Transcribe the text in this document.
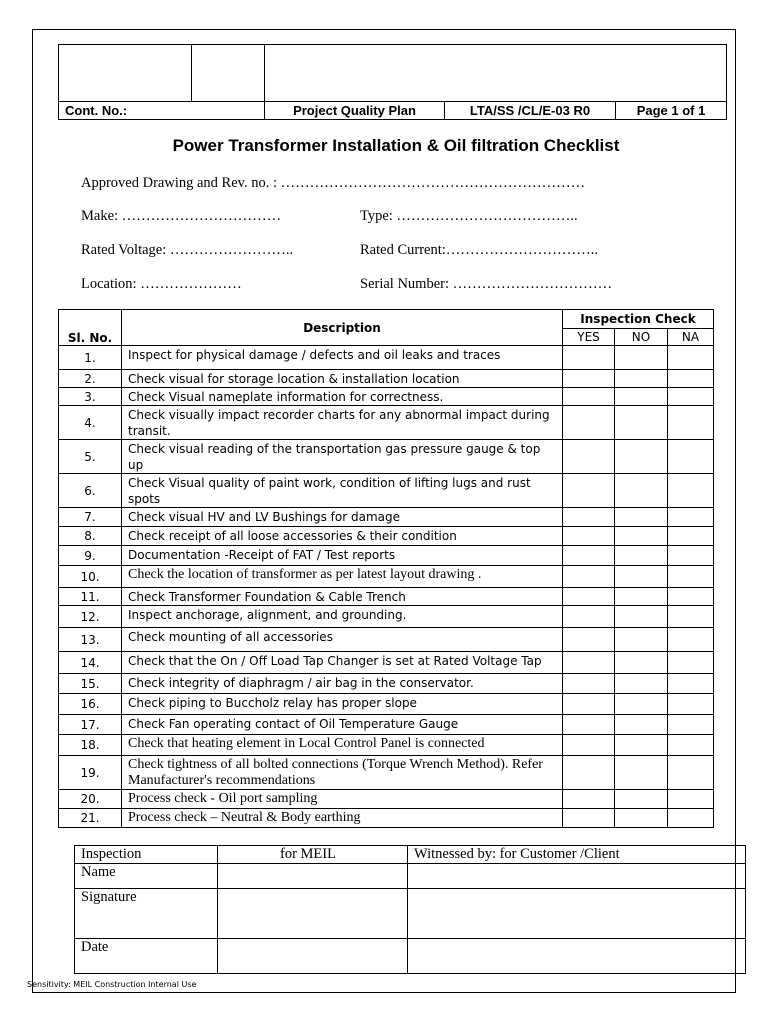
Cont. No.:		Project Quality Plan	LTA/SS /CL/E-03 R0	Page 1 of 1
Power Transformer Installation & Oil filtration Checklist
Approved Drawing and Rev. no. : ………………………………………………………
Make: ……………………………	Type: ………………………………..
Rated Voltage: ……………………..	Rated Current:…………………………..
Location: …………………	Serial Number: ……………………………
Sl. No.	Description	Inspection Check		
		YES	NO	NA
1.	Inspect for physical damage / defects and oil leaks and traces			
2.	Check visual for storage location & installation location			
3.	Check Visual nameplate information for correctness.			
4.	Check visually impact recorder charts for any abnormal impact during transit.			
5.	Check visual reading of the transportation gas pressure gauge & top up			
6.	Check Visual quality of paint work, condition of lifting lugs and rust spots			
7.	Check visual HV and LV Bushings for damage			
8.	Check receipt of all loose accessories & their condition			
9.	Documentation -Receipt of FAT / Test reports			
10.	Check the location of transformer as per latest layout drawing .			
11.	Check Transformer Foundation & Cable Trench			
12.	Inspect anchorage, alignment, and grounding.			
13.	Check mounting of all accessories			
14.	Check that the On / Off Load Tap Changer is set at Rated Voltage Tap			
15.	Check integrity of diaphragm / air bag in the conservator.			
16.	Check piping to Buccholz relay has proper slope			
17.	Check Fan operating contact of Oil Temperature Gauge			
18.	Check that heating element in Local Control Panel is connected			
19.	Check tightness of all bolted connections (Torque Wrench Method). Refer Manufacturer's recommendations			
20.	Process check - Oil port sampling			
21.	Process check – Neutral & Body earthing			
Inspection	for MEIL	Witnessed by: for Customer /Client
Name		
Signature		
Date		
Sensitivity: MEIL Construction Internal Use
